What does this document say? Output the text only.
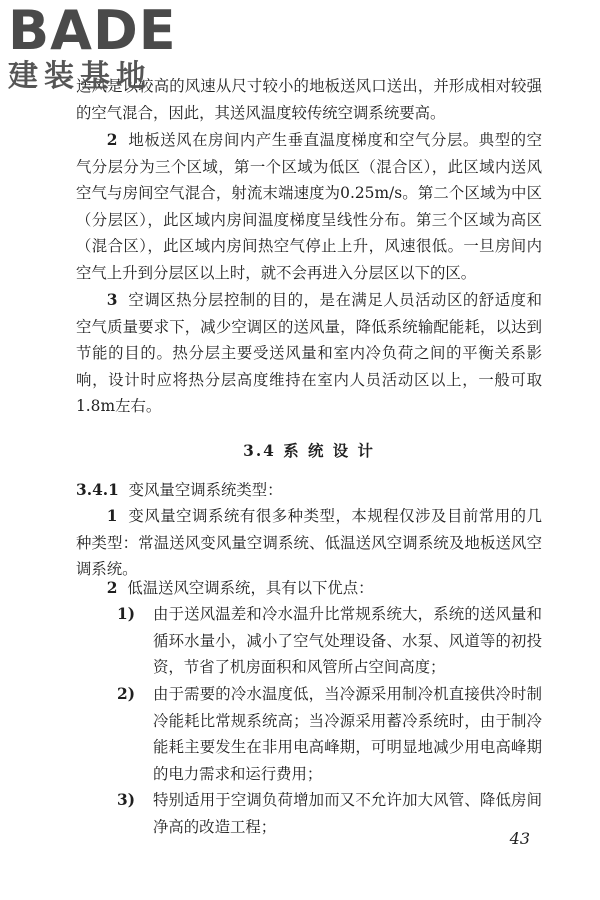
BADE
建装基地

送风是以较高的风速从尺寸较小的地板送风口送出，并形成相对较强的空气混合，因此，其送风温度较传统空调系统要高。

2 地板送风在房间内产生垂直温度梯度和空气分层。典型的空气分层分为三个区域，第一个区域为低区（混合区），此区域内送风空气与房间空气混合，射流末端速度为0.25m/s。第二个区域为中区（分层区），此区域内房间温度梯度呈线性分布。第三个区域为高区（混合区），此区域内房间热空气停止上升，风速很低。一旦房间内空气上升到分层区以上时，就不会再进入分层区以下的区。

3 空调区热分层控制的目的，是在满足人员活动区的舒适度和空气质量要求下，减少空调区的送风量，降低系统输配能耗，以达到节能的目的。热分层主要受送风量和室内冷负荷之间的平衡关系影响，设计时应将热分层高度维持在室内人员活动区以上，一般可取1.8m左右。

3.4 系 统 设 计
3.4.1 变风量空调系统类型：

1 变风量空调系统有很多种类型，本规程仅涉及目前常用的几种类型：常温送风变风量空调系统、低温送风空调系统及地板送风空调系统。

2 低温送风空调系统，具有以下优点：

1) 由于送风温差和冷水温升比常规系统大，系统的送风量和循环水量小，减小了空气处理设备、水泵、风道等的初投资，节省了机房面积和风管所占空间高度；
2) 由于需要的冷水温度低，当冷源采用制冷机直接供冷时制冷能耗比常规系统高；当冷源采用蓄冷系统时，由于制冷能耗主要发生在非用电高峰期，可明显地减少用电高峰期的电力需求和运行费用；
3) 特别适用于空调负荷增加而又不允许加大风管、降低房间净高的改造工程；
43
